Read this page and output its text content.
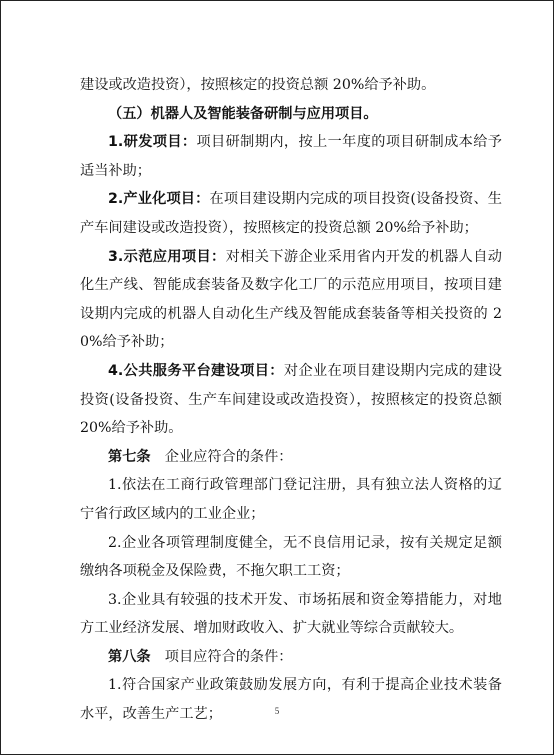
建设或改造投资），按照核定的投资总额 20%给予补助。

（五）机器人及智能装备研制与应用项目。

1.研发项目：项目研制期内，按上一年度的项目研制成本给予适当补助；

2.产业化项目：在项目建设期内完成的项目投资(设备投资、生产车间建设或改造投资），按照核定的投资总额 20%给予补助；

3.示范应用项目：对相关下游企业采用省内开发的机器人自动化生产线、智能成套装备及数字化工厂的示范应用项目，按项目建设期内完成的机器人自动化生产线及智能成套装备等相关投资的 20%给予补助；

4.公共服务平台建设项目：对企业在项目建设期内完成的建设投资(设备投资、生产车间建设或改造投资），按照核定的投资总额 20%给予补助。

第七条　企业应符合的条件：

1.依法在工商行政管理部门登记注册，具有独立法人资格的辽宁省行政区域内的工业企业；

2.企业各项管理制度健全，无不良信用记录，按有关规定足额缴纳各项税金及保险费，不拖欠职工工资；

3.企业具有较强的技术开发、市场拓展和资金筹措能力，对地方工业经济发展、增加财政收入、扩大就业等综合贡献较大。

第八条　项目应符合的条件：

1.符合国家产业政策鼓励发展方向，有利于提高企业技术装备水平，改善生产工艺；	5
